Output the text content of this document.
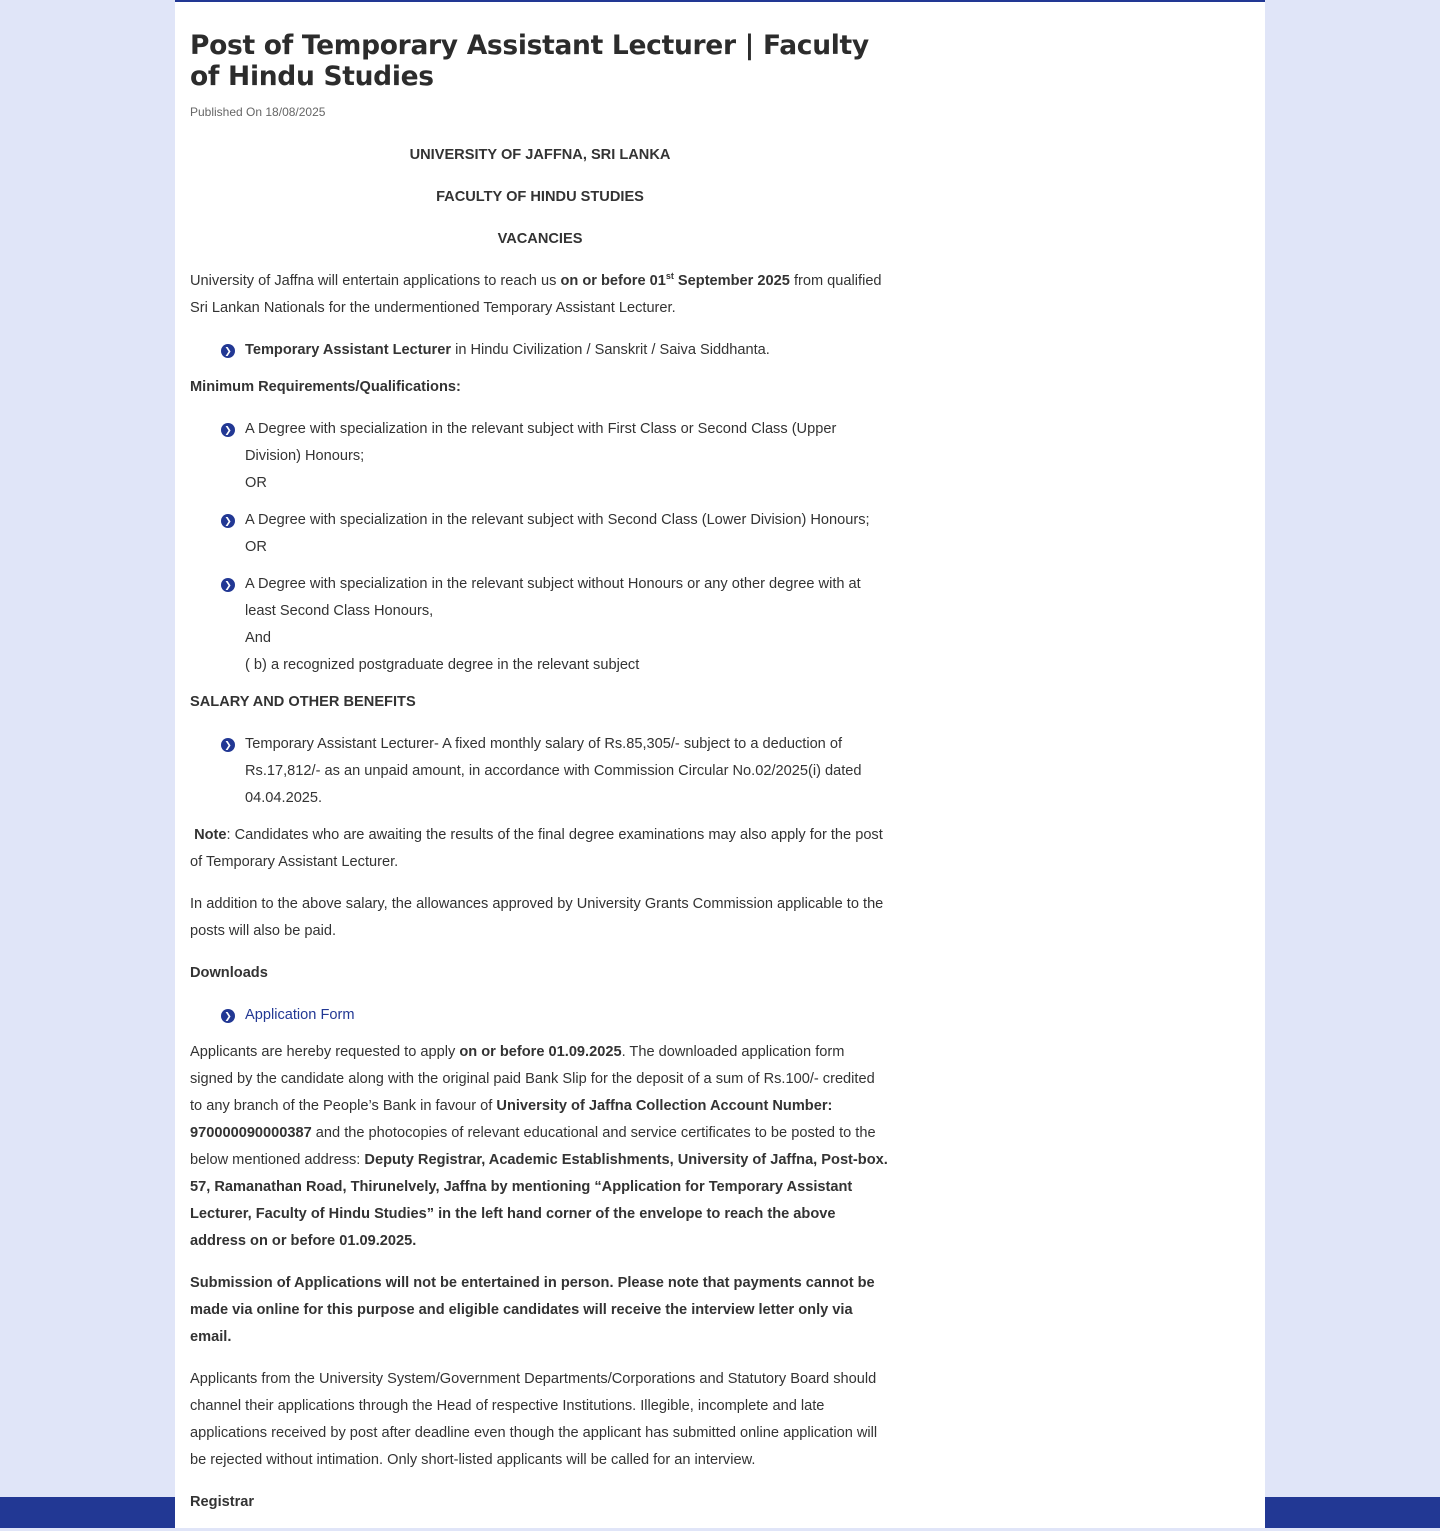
Post of Temporary Assistant Lecturer | Faculty of Hindu Studies
Published On 18/08/2025

UNIVERSITY OF JAFFNA, SRI LANKA

FACULTY OF HINDU STUDIES

VACANCIES

University of Jaffna will entertain applications to reach us on or before 01st September 2025 from qualified Sri Lankan Nationals for the undermentioned Temporary Assistant Lecturer.

❯ Temporary Assistant Lecturer in Hindu Civilization / Sanskrit / Saiva Siddhanta.

Minimum Requirements/Qualifications:

❯ A Degree with specialization in the relevant subject with First Class or Second Class (Upper Division) Honours;
OR
❯ A Degree with specialization in the relevant subject with Second Class (Lower Division) Honours;
OR
❯ A Degree with specialization in the relevant subject without Honours or any other degree with at least Second Class Honours,
And
( b) a recognized postgraduate degree in the relevant subject

SALARY AND OTHER BENEFITS

❯ Temporary Assistant Lecturer- A fixed monthly salary of Rs.85,305/- subject to a deduction of Rs.17,812/- as an unpaid amount, in accordance with Commission Circular No.02/2025(i) dated 04.04.2025.

Note: Candidates who are awaiting the results of the final degree examinations may also apply for the post of Temporary Assistant Lecturer.

In addition to the above salary, the allowances approved by University Grants Commission applicable to the posts will also be paid.

Downloads

❯ Application Form

Applicants are hereby requested to apply on or before 01.09.2025. The downloaded application form signed by the candidate along with the original paid Bank Slip for the deposit of a sum of Rs.100/- credited to any branch of the People’s Bank in favour of University of Jaffna Collection Account Number: 970000090000387 and the photocopies of relevant educational and service certificates to be posted to the below mentioned address: Deputy Registrar, Academic Establishments, University of Jaffna, Post-box. 57, Ramanathan Road, Thirunelvely, Jaffna by mentioning “Application for Temporary Assistant Lecturer, Faculty of Hindu Studies” in the left hand corner of the envelope to reach the above address on or before 01.09.2025.

Submission of Applications will not be entertained in person. Please note that payments cannot be made via online for this purpose and eligible candidates will receive the interview letter only via email.

Applicants from the University System/Government Departments/Corporations and Statutory Board should channel their applications through the Head of respective Institutions. Illegible, incomplete and late applications received by post after deadline even though the applicant has submitted online application will be rejected without intimation. Only short-listed applicants will be called for an interview.

Registrar
